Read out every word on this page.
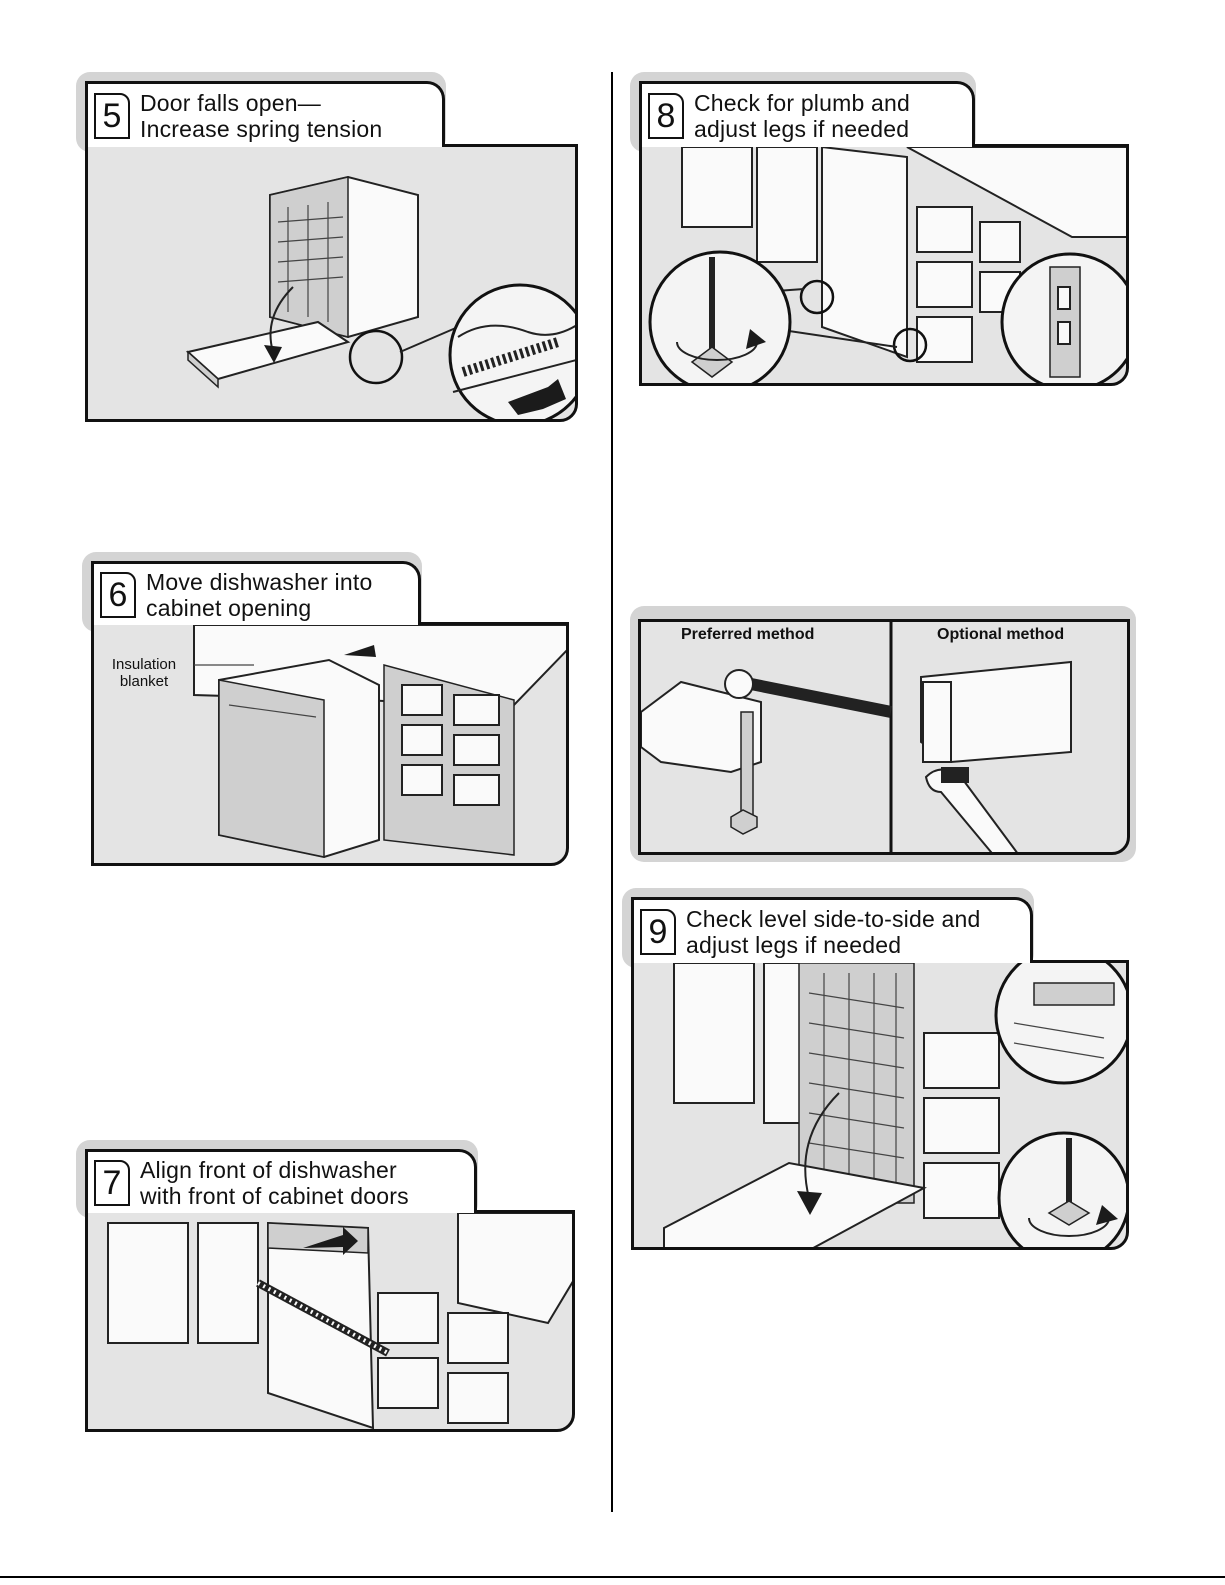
5 Door falls open—
Increase spring tension
6 Move dishwasher into
cabinet opening
Insulation
blanket
7 Align front of dishwasher
with front of cabinet doors
8 Check for plumb and
adjust legs if needed
Preferred method	Optional method
9 Check level side-to-side and
adjust legs if needed
